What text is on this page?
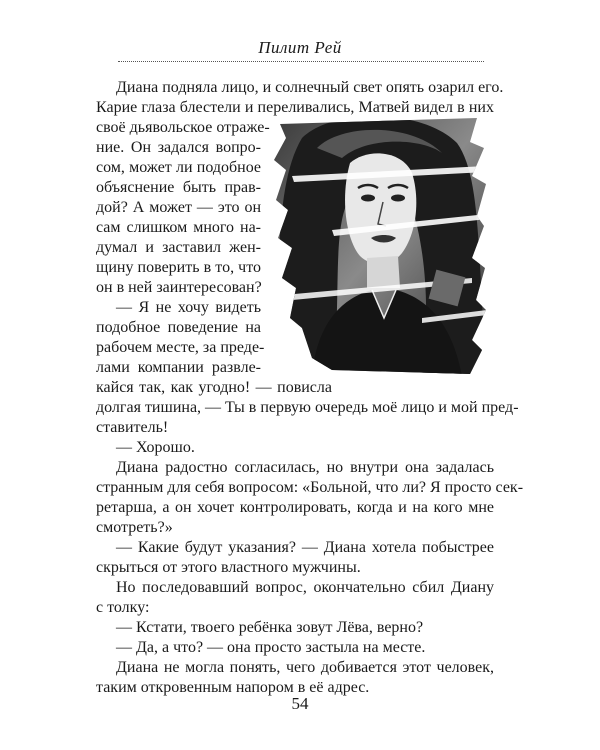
Пилит Рей
Диана подняла лицо, и солнечный свет опять озарил его.
Карие глаза блестели и переливались, Матвей видел в них
своё дьявольское отраже-
ние. Он задался вопро-
сом, может ли подобное
объяснение быть прав-
дой? А может — это он
сам слишком много на-
думал и заставил жен-
щину поверить в то, что
он в ней заинтересован?
— Я не хочу видеть
подобное поведение на
рабочем месте, за преде-
лами компании развле-
кайся так, как угодно! — повисла
долгая тишина, — Ты в первую очередь моё лицо и мой пред-
ставитель!
— Хорошо.
Диана радостно согласилась, но внутри она задалась
странным для себя вопросом: «Больной, что ли? Я просто сек-
ретарша, а он хочет контролировать, когда и на кого мне
смотреть?»
— Какие будут указания? — Диана хотела побыстрее
скрыться от этого властного мужчины.
Но последовавший вопрос, окончательно сбил Диану
с толку:
— Кстати, твоего ребёнка зовут Лёва, верно?
— Да, а что? — она просто застыла на месте.
Диана не могла понять, чего добивается этот человек,
таким откровенным напором в её адрес.
54
